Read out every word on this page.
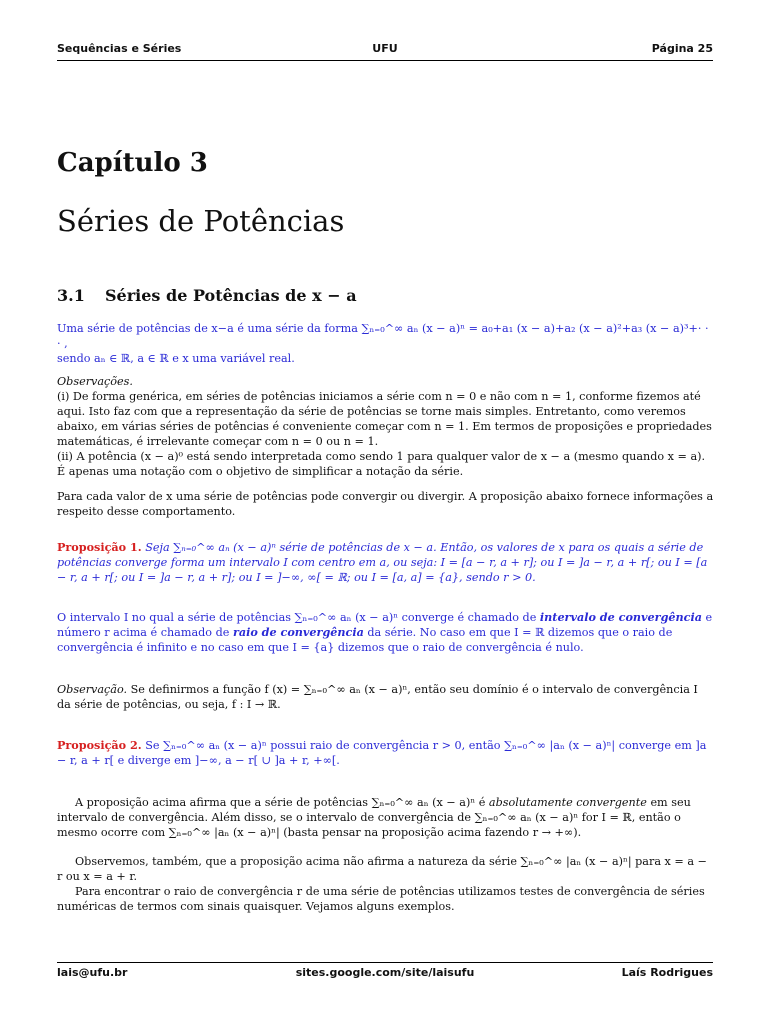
Sequências e Séries	UFU	Página 25
Capítulo 3
Séries de Potências
3.1 Séries de Potências de x − a

Uma série de potências de x−a é uma série da forma ∑ₙ₌₀^∞ aₙ (x − a)ⁿ = a₀+a₁ (x − a)+a₂ (x − a)²+a₃ (x − a)³+· · · ,

sendo aₙ ∈ ℝ, a ∈ ℝ e x uma variável real.

Observações.

(i) De forma genérica, em séries de potências iniciamos a série com n = 0 e não com n = 1, conforme fizemos até aqui. Isto faz com que a representação da série de potências se torne mais simples. Entretanto, como veremos abaixo, em várias séries de potências é conveniente começar com n = 1. Em termos de proposições e propriedades matemáticas, é irrelevante começar com n = 0 ou n = 1.

(ii) A potência (x − a)⁰ está sendo interpretada como sendo 1 para qualquer valor de x − a (mesmo quando x = a). É apenas uma notação com o objetivo de simplificar a notação da série.

Para cada valor de x uma série de potências pode convergir ou divergir. A proposição abaixo fornece informações a respeito desse comportamento.
Proposição 1. Seja ∑ₙ₌₀^∞ aₙ (x − a)ⁿ série de potências de x − a. Então, os valores de x para os quais a série de potências converge forma um intervalo I com centro em a, ou seja: I = [a − r, a + r]; ou I = ]a − r, a + r[; ou I = [a − r, a + r[; ou I = ]a − r, a + r]; ou I = ]−∞, ∞[ = ℝ; ou I = [a, a] = {a}, sendo r > 0.
O intervalo I no qual a série de potências ∑ₙ₌₀^∞ aₙ (x − a)ⁿ converge é chamado de intervalo de convergência e número r acima é chamado de raio de convergência da série. No caso em que I = ℝ dizemos que o raio de convergência é infinito e no caso em que I = {a} dizemos que o raio de convergência é nulo.
Observação. Se definirmos a função f (x) = ∑ₙ₌₀^∞ aₙ (x − a)ⁿ, então seu domínio é o intervalo de convergência I da série de potências, ou seja, f : I → ℝ.
Proposição 2. Se ∑ₙ₌₀^∞ aₙ (x − a)ⁿ possui raio de convergência r > 0, então ∑ₙ₌₀^∞ |aₙ (x − a)ⁿ| converge em ]a − r, a + r[ e diverge em ]−∞, a − r[ ∪ ]a + r, +∞[.

A proposição acima afirma que a série de potências ∑ₙ₌₀^∞ aₙ (x − a)ⁿ é absolutamente convergente em seu intervalo de convergência. Além disso, se o intervalo de convergência de ∑ₙ₌₀^∞ aₙ (x − a)ⁿ for I = ℝ, então o mesmo ocorre com ∑ₙ₌₀^∞ |aₙ (x − a)ⁿ| (basta pensar na proposição acima fazendo r → +∞).

Observemos, também, que a proposição acima não afirma a natureza da série ∑ₙ₌₀^∞ |aₙ (x − a)ⁿ| para x = a − r ou x = a + r.

Para encontrar o raio de convergência r de uma série de potências utilizamos testes de convergência de séries numéricas de termos com sinais quaisquer. Vejamos alguns exemplos.

lais@ufu.br	sites.google.com/site/laisufu	Laís Rodrigues
